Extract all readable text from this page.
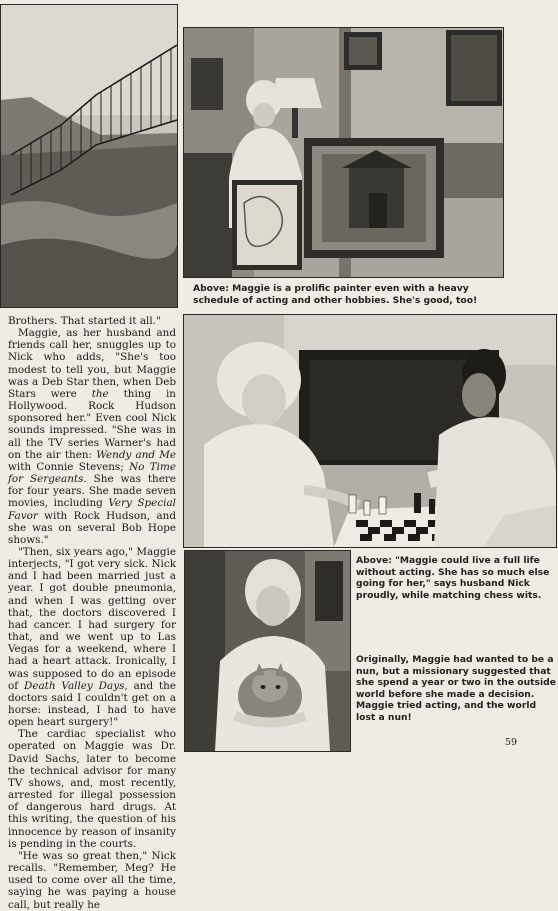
Above: Maggie is a prolific painter even with a heavy schedule of acting and other hobbies. She's good, too!
Above: "Maggie could live a full life without acting. She has so much else going for her," says husband Nick proudly, while matching chess wits.
Originally, Maggie had wanted to be a nun, but a missionary suggested that she spend a year or two in the outside world before she made a decision. Maggie tried acting, and the world lost a nun!

Brothers. That started it all."

Maggie, as her husband and friends call her, snuggles up to Nick who adds, "She's too modest to tell you, but Maggie was a Deb Star then, when Deb Stars were the thing in Hollywood. Rock Hudson sponsored her." Even cool Nick sounds impressed. "She was in all the TV series Warner's had on the air then: Wendy and Me with Connie Stevens; No Time for Sergeants. She was there for four years. She made seven movies, including Very Special Favor with Rock Hudson, and she was on several Bob Hope shows."

"Then, six years ago," Maggie interjects, "I got very sick. Nick and I had been married just a year. I got double pneumonia, and when I was getting over that, the doctors discovered I had cancer. I had surgery for that, and we went up to Las Vegas for a weekend, where I had a heart attack. Ironically, I was supposed to do an episode of Death Valley Days, and the doctors said I couldn't get on a horse: instead, I had to have open heart surgery!"

The cardiac specialist who operated on Maggie was Dr. David Sachs, later to become the technical advisor for many TV shows, and, most recently, arrested for illegal possession of dangerous hard drugs. At this writing, the question of his innocence by reason of insanity is pending in the courts.

"He was so great then," Nick recalls. "Remember, Meg? He used to come over all the time, saying he was paying a house call, but really he

59
